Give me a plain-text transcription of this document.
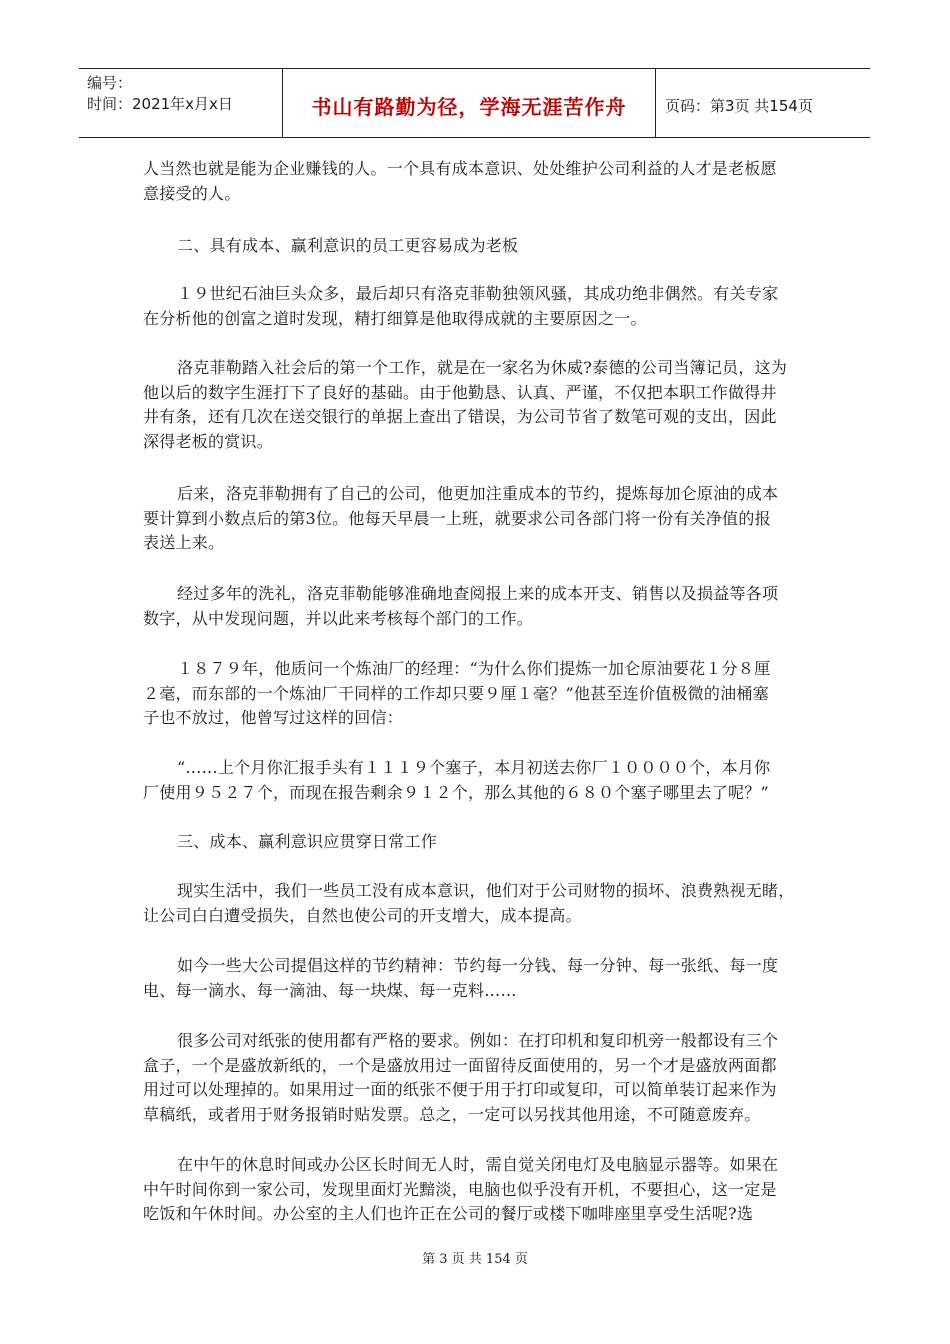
编号：
时间：2021年x月x日	书山有路勤为径，学海无涯苦作舟	页码：第3页 共154页
人当然也就是能为企业赚钱的人。一个具有成本意识、处处维护公司利益的人才是老板愿
意接受的人。
二、具有成本、赢利意识的员工更容易成为老板
１９世纪石油巨头众多，最后却只有洛克菲勒独领风骚，其成功绝非偶然。有关专家
在分析他的创富之道时发现，精打细算是他取得成就的主要原因之一。
洛克菲勒踏入社会后的第一个工作，就是在一家名为休威?泰德的公司当簿记员，这为
他以后的数字生涯打下了良好的基础。由于他勤恳、认真、严谨，不仅把本职工作做得井
井有条，还有几次在送交银行的单据上查出了错误，为公司节省了数笔可观的支出，因此
深得老板的赏识。
后来，洛克菲勒拥有了自己的公司，他更加注重成本的节约，提炼每加仑原油的成本
要计算到小数点后的第3位。他每天早晨一上班，就要求公司各部门将一份有关净值的报
表送上来。
经过多年的洗礼，洛克菲勒能够准确地查阅报上来的成本开支、销售以及损益等各项
数字，从中发现问题，并以此来考核每个部门的工作。
１８７９年，他质问一个炼油厂的经理：“为什么你们提炼一加仑原油要花１分８厘
２毫，而东部的一个炼油厂干同样的工作却只要９厘１毫？”他甚至连价值极微的油桶塞
子也不放过，他曾写过这样的回信：
“……上个月你汇报手头有１１１９个塞子，本月初送去你厂１００００个，本月你
厂使用９５２７个，而现在报告剩余９１２个，那么其他的６８０个塞子哪里去了呢？”
三、成本、赢利意识应贯穿日常工作
现实生活中，我们一些员工没有成本意识，他们对于公司财物的损坏、浪费熟视无睹，
让公司白白遭受损失，自然也使公司的开支增大，成本提高。
如今一些大公司提倡这样的节约精神：节约每一分钱、每一分钟、每一张纸、每一度
电、每一滴水、每一滴油、每一块煤、每一克料……
很多公司对纸张的使用都有严格的要求。例如：在打印机和复印机旁一般都设有三个
盒子，一个是盛放新纸的，一个是盛放用过一面留待反面使用的，另一个才是盛放两面都
用过可以处理掉的。如果用过一面的纸张不便于用于打印或复印，可以简单装订起来作为
草稿纸，或者用于财务报销时贴发票。总之，一定可以另找其他用途，不可随意废弃。
在中午的休息时间或办公区长时间无人时，需自觉关闭电灯及电脑显示器等。如果在
中午时间你到一家公司，发现里面灯光黯淡，电脑也似乎没有开机，不要担心，这一定是
吃饭和午休时间。办公室的主人们也许正在公司的餐厅或楼下咖啡座里享受生活呢?选
第 3 页 共 154 页
